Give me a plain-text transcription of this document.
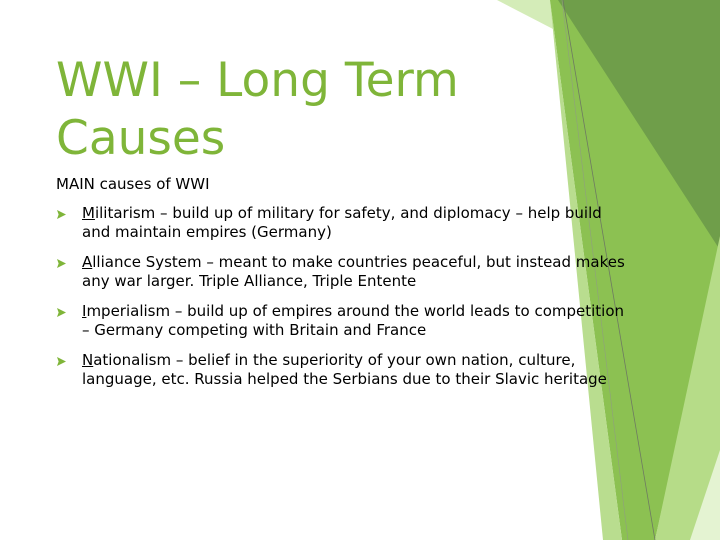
WWI – Long Term
Causes

MAIN causes of WWI

Militarism – build up of military for safety, and diplomacy – help build and maintain empires (Germany)
Alliance System – meant to make countries peaceful, but instead makes any war larger. Triple Alliance, Triple Entente
Imperialism – build up of empires around the world leads to competition – Germany competing with Britain and France
Nationalism – belief in the superiority of your own nation, culture, language, etc. Russia helped the Serbians due to their Slavic heritage
